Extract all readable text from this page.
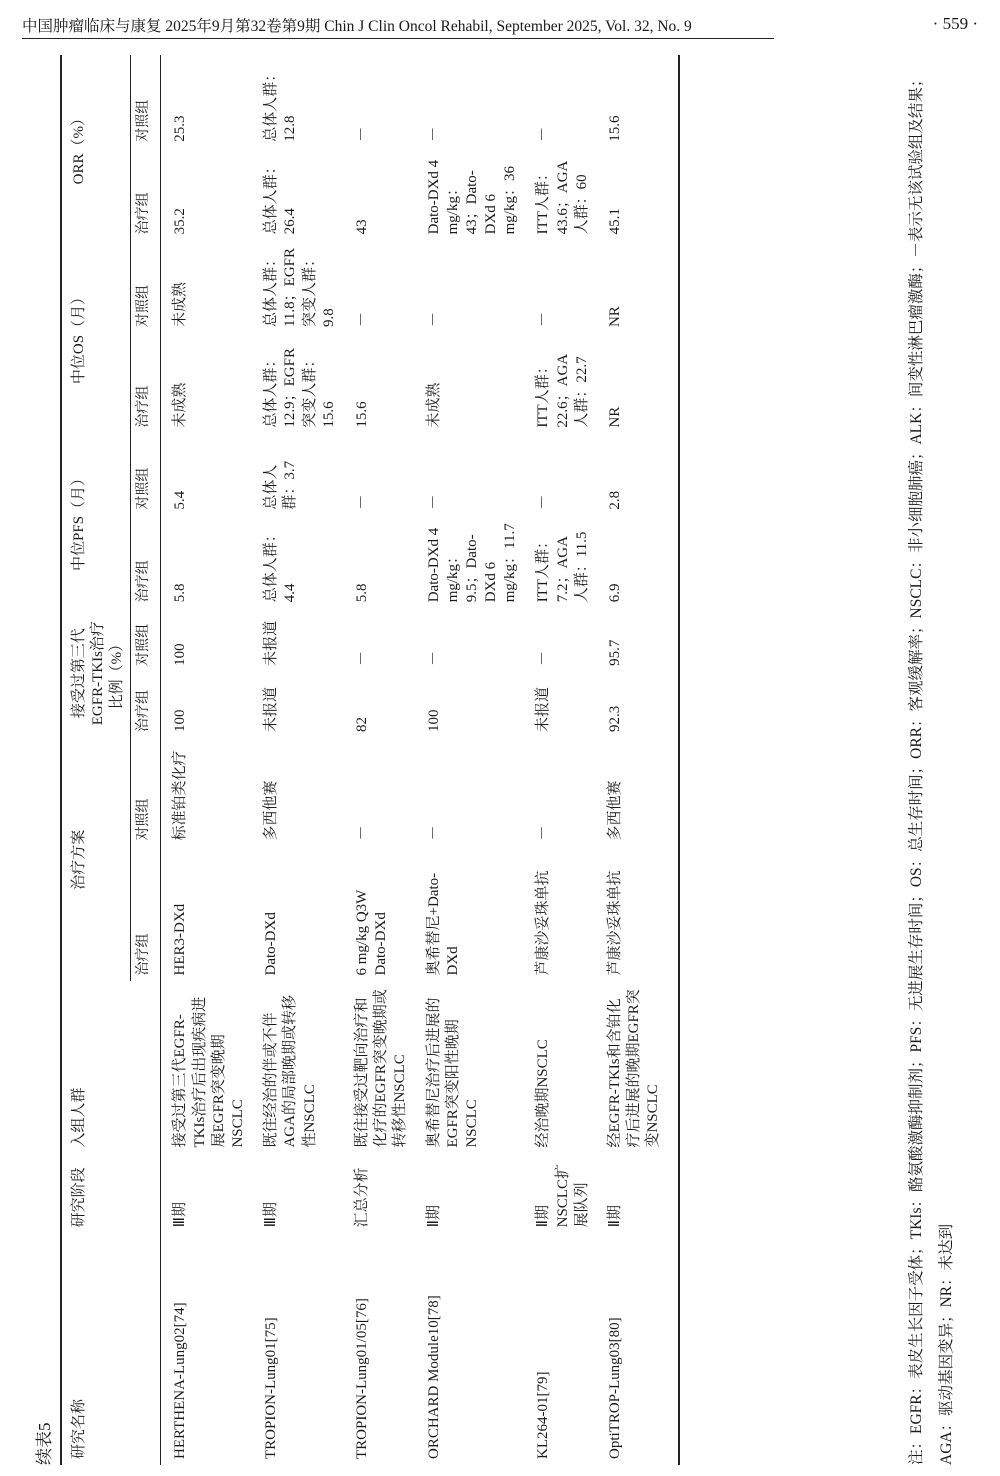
中国肿瘤临床与康复 2025年9月第32卷第9期 Chin J Clin Oncol Rehabil, September 2025, Vol. 32, No. 9	· 559 ·
续表5 研究名称	研究阶段	入组人群	治疗方案		接受过第三代EGFR-TKIs治疗比例（%）		中位PFS（月）		中位OS（月）		ORR（%）	
			治疗组	对照组	治疗组	对照组	治疗组	对照组	治疗组	对照组	治疗组	对照组
HERTHENA-Lung02[74]	Ⅲ期	接受过第三代EGFR-TKIs治疗后出现疾病进展EGFR突变晚期NSCLC	HER3-DXd	标准铂类化疗	100	100	5.8	5.4	未成熟	未成熟	35.2	25.3
TROPION-Lung01[75]	Ⅲ期	既往经治的伴或不伴AGA的局部晚期或转移性NSCLC	Dato-DXd	多西他赛	未报道	未报道	总体人群：4.4	总体人群：3.7	总体人群：12.9；EGFR突变人群：15.6	总体人群：11.8；EGFR突变人群：9.8	总体人群：26.4	总体人群：12.8
TROPION-Lung01/05[76]	汇总分析	既往接受过靶向治疗和化疗的EGFR突变晚期或转移性NSCLC	6 mg/kg Q3W Dato-DXd	－	82	－	5.8	－	15.6	－	43	－
ORCHARD Module10[78]	Ⅱ期	奥希替尼治疗后进展的EGFR突变阳性晚期NSCLC	奥希替尼+Dato-DXd	－	100	－	Dato-DXd 4 mg/kg：9.5；Dato-DXd 6 mg/kg：11.7	－	未成熟	－	Dato-DXd 4 mg/kg：43；Dato-DXd 6 mg/kg：36	－
KL264-01[79]	Ⅱ期NSCLC扩展队列	经治晚期NSCLC	芦康沙妥珠单抗	－	未报道	－	ITT人群：7.2；AGA人群：11.5	－	ITT人群：22.6；AGA人群：22.7	－	ITT人群：43.6；AGA人群：60	－
OptiTROP-Lung03[80]	Ⅱ期	经EGFR-TKIs和含铂化疗后进展的晚期EGFR突变NSCLC	芦康沙妥珠单抗	多西他赛	92.3	95.7	6.9	2.8	NR	NR	45.1	15.6	注：EGFR：表皮生长因子受体；TKIs：酪氨酸激酶抑制剂；PFS：无进展生存时间；OS：总生存时间；ORR：客观缓解率；NSCLC：非小细胞肺癌；ALK：间变性淋巴瘤激酶；－表示无该试验组及结果；AGA：驱动基因变异；NR：未达到
